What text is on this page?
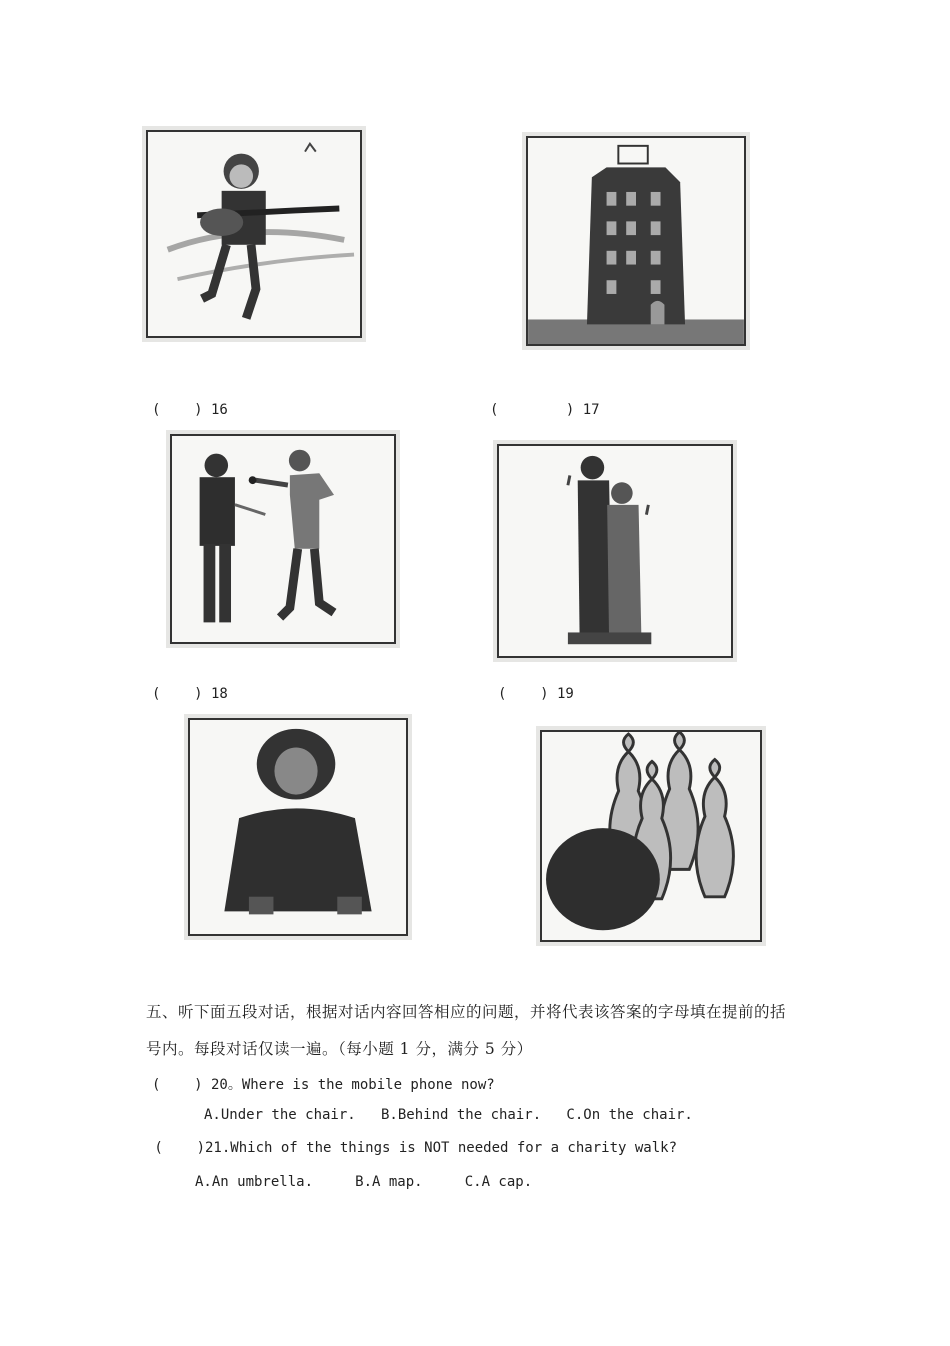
(    ) 16	(        ) 17
(    ) 18	(    ) 19
五、听下面五段对话，根据对话内容回答相应的问题，并将代表该答案的字母填在提前的括
号内。每段对话仅读一遍。（每小题 1 分，满分 5 分）
(    ) 20。Where is the mobile phone now?
A.Under the chair.   B.Behind the chair.   C.On the chair.
(    )21.Which of the things is NOT needed for a charity walk?
A.An umbrella.     B.A map.     C.A cap.
